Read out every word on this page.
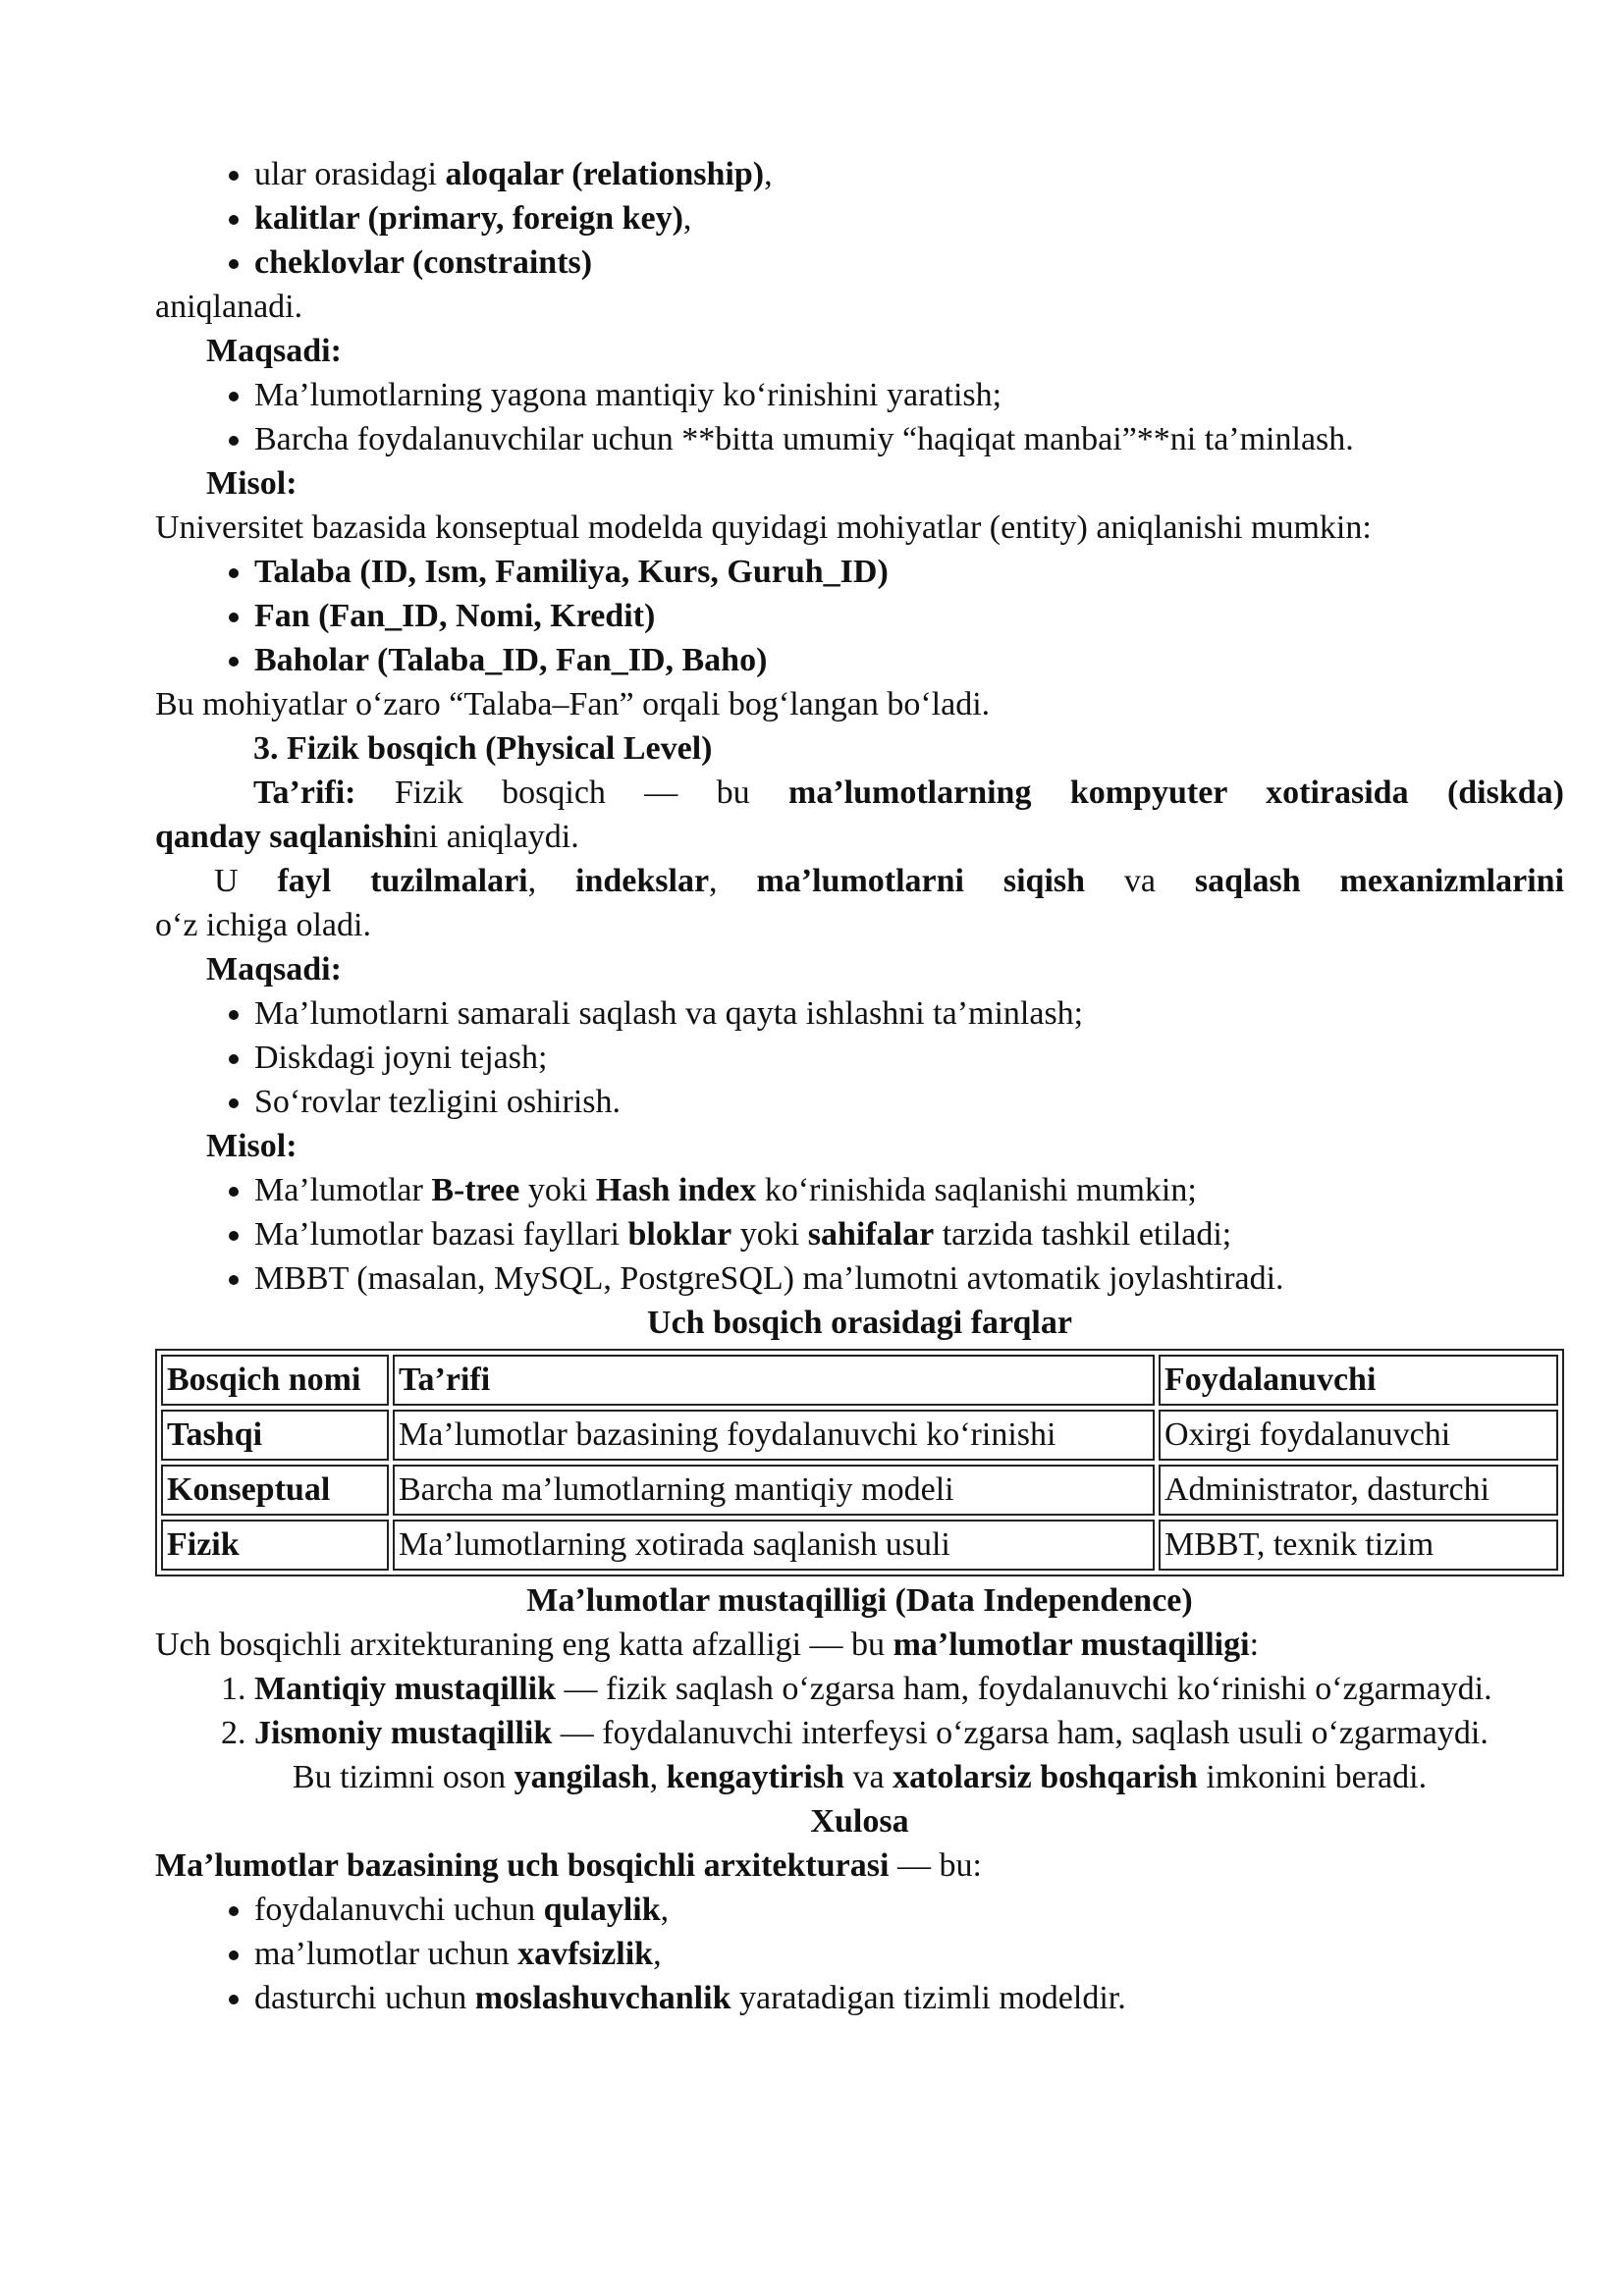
• ular orasidagi aloqalar (relationship),
• kalitlar (primary, foreign key),
• cheklovlar (constraints)

aniqlanadi.

Maqsadi:

• Ma’lumotlarning yagona mantiqiy ko‘rinishini yaratish;
• Barcha foydalanuvchilar uchun **bitta umumiy “haqiqat manbai”**ni ta’minlash.

Misol:

Universitet bazasida konseptual modelda quyidagi mohiyatlar (entity) aniqlanishi mumkin:

• Talaba (ID, Ism, Familiya, Kurs, Guruh_ID)
• Fan (Fan_ID, Nomi, Kredit)
• Baholar (Talaba_ID, Fan_ID, Baho)

Bu mohiyatlar o‘zaro “Talaba–Fan” orqali bog‘langan bo‘ladi.

3. Fizik bosqich (Physical Level)

Ta’rifi: Fizik bosqich — bu ma’lumotlarning kompyuter xotirasida (diskda)

qanday saqlanishini aniqlaydi.

U fayl tuzilmalari, indekslar, ma’lumotlarni siqish va saqlash mexanizmlarini

o‘z ichiga oladi.

Maqsadi:

• Ma’lumotlarni samarali saqlash va qayta ishlashni ta’minlash;
• Diskdagi joyni tejash;
• So‘rovlar tezligini oshirish.

Misol:

• Ma’lumotlar B-tree yoki Hash index ko‘rinishida saqlanishi mumkin;
• Ma’lumotlar bazasi fayllari bloklar yoki sahifalar tarzida tashkil etiladi;
• MBBT (masalan, MySQL, PostgreSQL) ma’lumotni avtomatik joylashtiradi.

Uch bosqich orasidagi farqlar

Bosqich nomi	Ta’rifi	Foydalanuvchi
Tashqi	Ma’lumotlar bazasining foydalanuvchi ko‘rinishi	Oxirgi foydalanuvchi
Konseptual	Barcha ma’lumotlarning mantiqiy modeli	Administrator, dasturchi
Fizik	Ma’lumotlarning xotirada saqlanish usuli	MBBT, texnik tizim

Ma’lumotlar mustaqilligi (Data Independence)

Uch bosqichli arxitekturaning eng katta afzalligi — bu ma’lumotlar mustaqilligi:

1. Mantiqiy mustaqillik — fizik saqlash o‘zgarsa ham, foydalanuvchi ko‘rinishi o‘zgarmaydi.
2. Jismoniy mustaqillik — foydalanuvchi interfeysi o‘zgarsa ham, saqlash usuli o‘zgarmaydi.

Bu tizimni oson yangilash, kengaytirish va xatolarsiz boshqarish imkonini beradi.

Xulosa

Ma’lumotlar bazasining uch bosqichli arxitekturasi — bu:

• foydalanuvchi uchun qulaylik,
• ma’lumotlar uchun xavfsizlik,
• dasturchi uchun moslashuvchanlik yaratadigan tizimli modeldir.
